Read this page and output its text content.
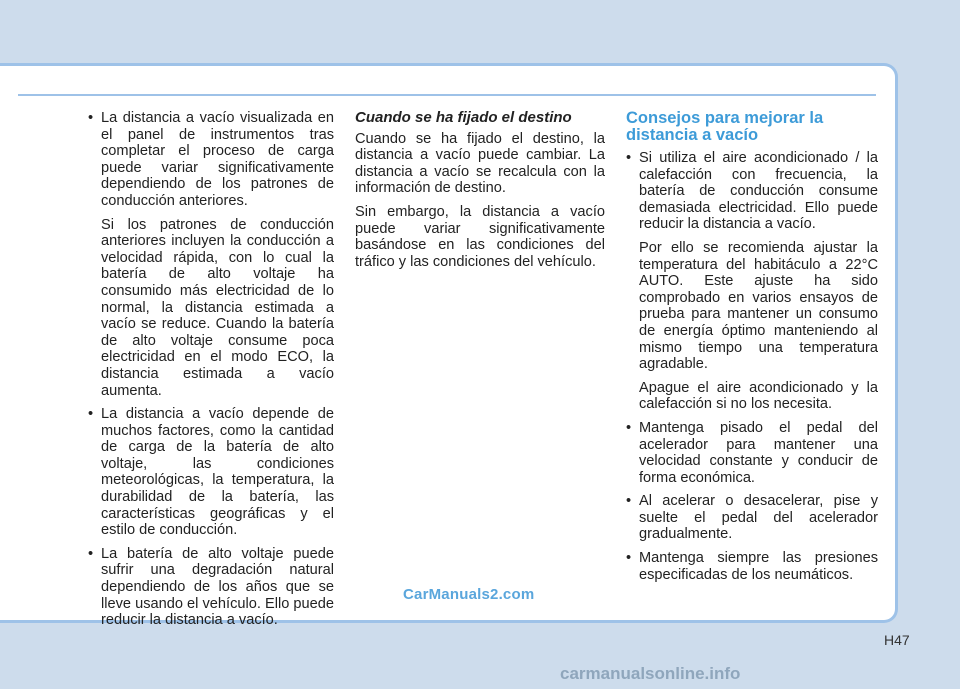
• La distancia a vacío visualizada en el panel de instrumentos tras completar el proceso de carga puede variar significativamente dependiendo de los patrones de conducción anteriores.

Si los patrones de conducción anteriores incluyen la conducción a velocidad rápida, con lo cual la batería de alto voltaje ha consumido más electricidad de lo normal, la distancia estimada a vacío se reduce. Cuando la batería de alto voltaje consume poca electricidad en el modo ECO, la distancia estimada a vacío aumenta.

• La distancia a vacío depende de muchos factores, como la cantidad de carga de la batería de alto voltaje, las condiciones meteorológicas, la temperatura, la durabilidad de la batería, las características geográficas y el estilo de conducción.
• La batería de alto voltaje puede sufrir una degradación natural dependiendo de los años que se lleve usando el vehículo. Ello puede reducir la distancia a vacío.
Cuando se ha fijado el destino

Cuando se ha fijado el destino, la distancia a vacío puede cambiar. La distancia a vacío se recalcula con la información de destino.

Sin embargo, la distancia a vacío puede variar significativamente basándose en las condiciones del tráfico y las condiciones del vehículo.

Consejos para mejorar la distancia a vacío
• Si utiliza el aire acondicionado / la calefacción con frecuencia, la batería de conducción consume demasiada electricidad. Ello puede reducir la distancia a vacío.

Por ello se recomienda ajustar la temperatura del habitáculo a 22°C AUTO. Este ajuste ha sido comprobado en varios ensayos de prueba para mantener un consumo de energía óptimo manteniendo al mismo tiempo una temperatura agradable.

Apague el aire acondicionado y la calefacción si no los necesita.

• Mantenga pisado el pedal del acelerador para mantener una velocidad constante y conducir de forma económica.
• Al acelerar o desacelerar, pise y suelte el pedal del acelerador gradualmente.
• Mantenga siempre las presiones especificadas de los neumáticos.
CarManuals2.com
H47
carmanualsonline.info
